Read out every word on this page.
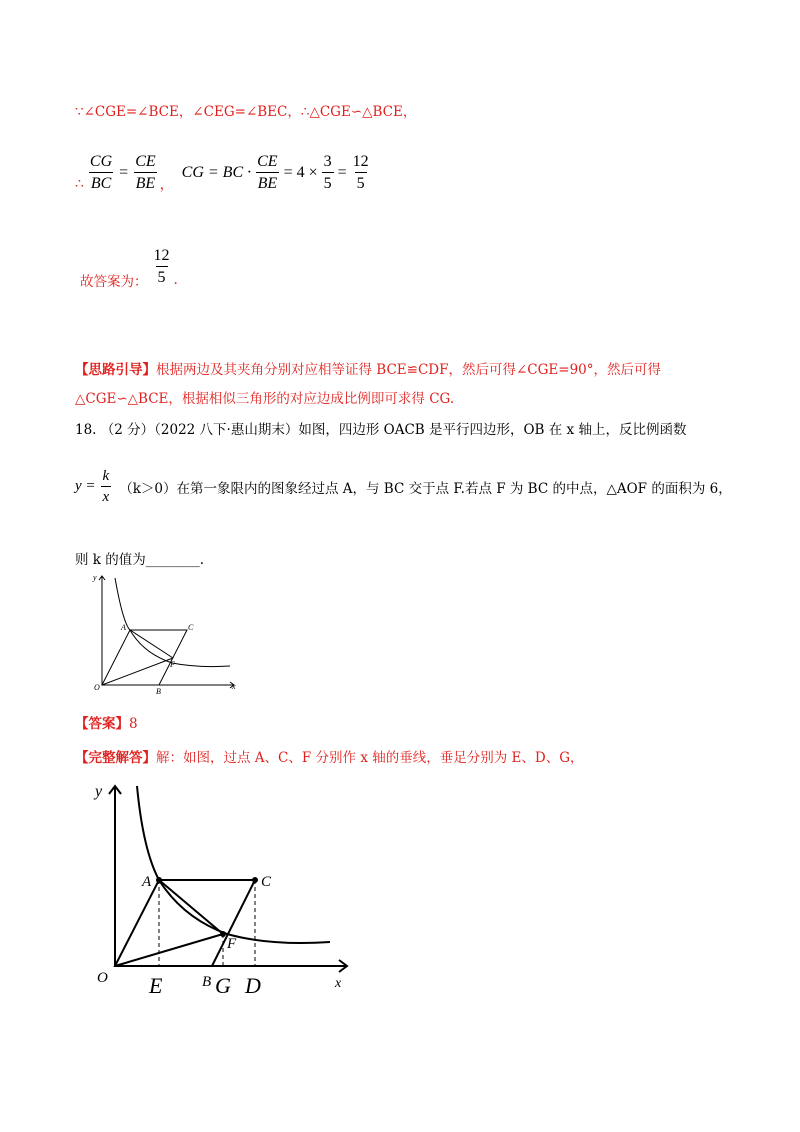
∵∠CGE=∠BCE，∠CEG=∠BEC，∴△CGE∽△BCE，
∴ $\frac{CG}{BC} = \frac{CE}{BE}$ ，
CG = BC · $\frac{CE}{BE} = 4 \times \frac{3}{5} = \frac{12}{5}$
故答案为： $\frac{12}{5}$ .
【思路引导】根据两边及其夹角分别对应相等证得 BCE≌CDF，然后可得∠CGE=90°，然后可得
△CGE∽△BCE，根据相似三角形的对应边成比例即可求得 CG.
18. （2 分）（2022 八下·惠山期末）如图，四边形 OACB 是平行四边形，OB 在 x 轴上，反比例函数
$y = \frac{k}{x} (k>0)$在第一象限内的图象经过点 A，与 BC 交于点 F.若点 F 为 BC 的中点，△AOF 的面积为 6，
则 k 的值为________.
y
x
O
A	C
F
B
【答案】8
【完整解答】解：如图，过点 A、C、F 分别作 x 轴的垂线，垂足分别为 E、D、G，
y
x
O
A	C
F
B
E G D
